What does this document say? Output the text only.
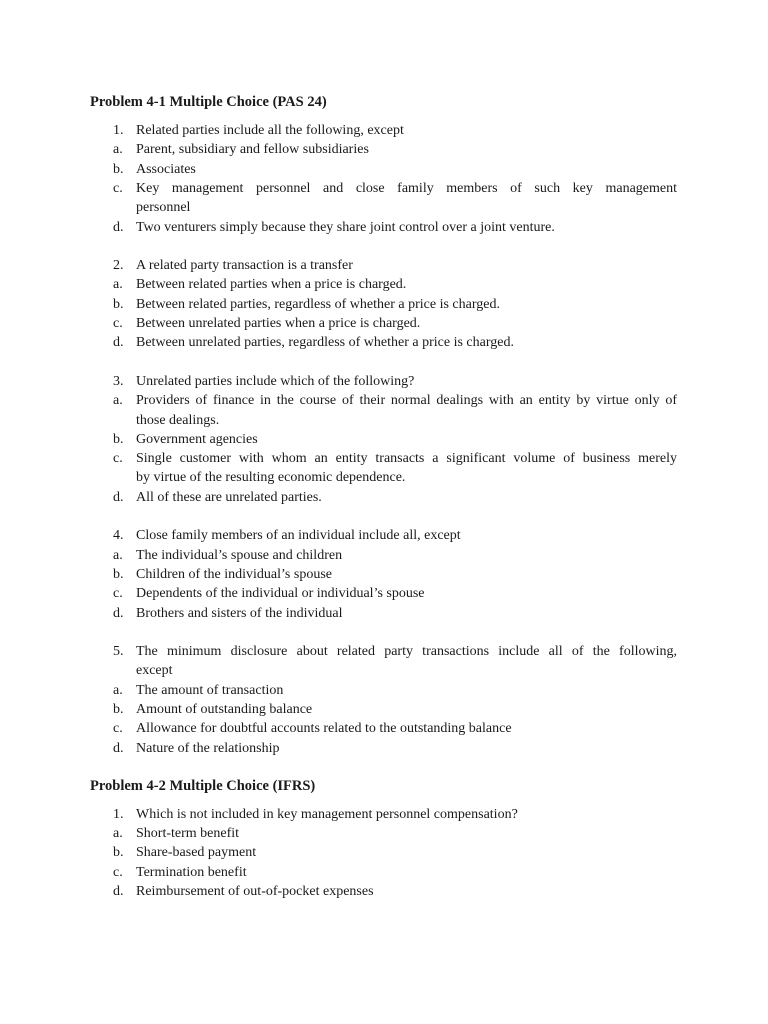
Problem 4-1 Multiple Choice (PAS 24)
1. Related parties include all the following, except
a. Parent, subsidiary and fellow subsidiaries
b. Associates
c. Key management personnel and close family members of such key management
personnel
d. Two venturers simply because they share joint control over a joint venture.
2. A related party transaction is a transfer
a. Between related parties when a price is charged.
b. Between related parties, regardless of whether a price is charged.
c. Between unrelated parties when a price is charged.
d. Between unrelated parties, regardless of whether a price is charged.
3. Unrelated parties include which of the following?
a. Providers of finance in the course of their normal dealings with an entity by virtue only of
those dealings.
b. Government agencies
c. Single customer with whom an entity transacts a significant volume of business merely
by virtue of the resulting economic dependence.
d. All of these are unrelated parties.
4. Close family members of an individual include all, except
a. The individual’s spouse and children
b. Children of the individual’s spouse
c. Dependents of the individual or individual’s spouse
d. Brothers and sisters of the individual
5. The minimum disclosure about related party transactions include all of the following,
except
a. The amount of transaction
b. Amount of outstanding balance
c. Allowance for doubtful accounts related to the outstanding balance
d. Nature of the relationship
Problem 4-2 Multiple Choice (IFRS)
1. Which is not included in key management personnel compensation?
a. Short-term benefit
b. Share-based payment
c. Termination benefit
d. Reimbursement of out-of-pocket expenses
